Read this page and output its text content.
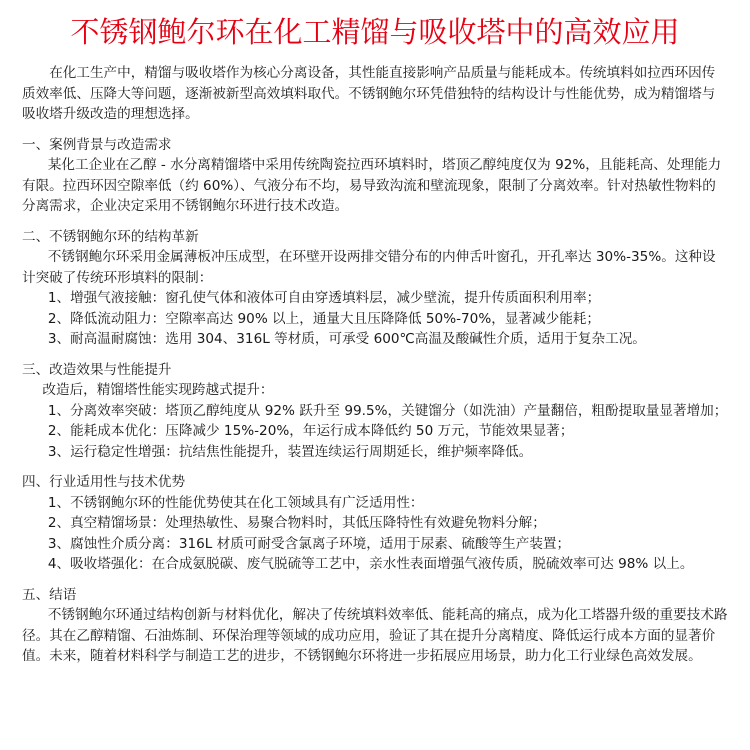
不锈钢鲍尔环在化工精馏与吸收塔中的高效应用

在化工生产中，精馏与吸收塔作为核心分离设备，其性能直接影响产品质量与能耗成本。传统填料如拉西环因传质效率低、压降大等问题，逐渐被新型高效填料取代。不锈钢鲍尔环凭借独特的结构设计与性能优势，成为精馏塔与吸收塔升级改造的理想选择。

一、案例背景与改造需求

某化工企业在乙醇 - 水分离精馏塔中采用传统陶瓷拉西环填料时，塔顶乙醇纯度仅为 92%，且能耗高、处理能力有限。拉西环因空隙率低（约 60%）、气液分布不均，易导致沟流和壁流现象，限制了分离效率。针对热敏性物料的分离需求，企业决定采用不锈钢鲍尔环进行技术改造。

二、不锈钢鲍尔环的结构革新

不锈钢鲍尔环采用金属薄板冲压成型，在环壁开设两排交错分布的内伸舌叶窗孔，开孔率达 30%-35%。这种设计突破了传统环形填料的限制：

1、增强气液接触：窗孔使气体和液体可自由穿透填料层，减少壁流，提升传质面积利用率；

2、降低流动阻力：空隙率高达 90% 以上，通量大且压降降低 50%-70%，显著减少能耗；

3、耐高温耐腐蚀：选用 304、316L 等材质，可承受 600℃高温及酸碱性介质，适用于复杂工况。

三、改造效果与性能提升

改造后，精馏塔性能实现跨越式提升：

1、分离效率突破：塔顶乙醇纯度从 92% 跃升至 99.5%，关键馏分（如洗油）产量翻倍，粗酚提取量显著增加；

2、能耗成本优化：压降减少 15%-20%，年运行成本降低约 50 万元，节能效果显著；

3、运行稳定性增强：抗结焦性能提升，装置连续运行周期延长，维护频率降低。

四、行业适用性与技术优势

1、不锈钢鲍尔环的性能优势使其在化工领域具有广泛适用性：

2、真空精馏场景：处理热敏性、易聚合物料时，其低压降特性有效避免物料分解；

3、腐蚀性介质分离：316L 材质可耐受含氯离子环境，适用于尿素、硫酸等生产装置；

4、吸收塔强化：在合成氨脱碳、废气脱硫等工艺中，亲水性表面增强气液传质，脱硫效率可达 98% 以上。

五、结语

不锈钢鲍尔环通过结构创新与材料优化，解决了传统填料效率低、能耗高的痛点，成为化工塔器升级的重要技术路径。其在乙醇精馏、石油炼制、环保治理等领域的成功应用，验证了其在提升分离精度、降低运行成本方面的显著价值。未来，随着材料科学与制造工艺的进步，不锈钢鲍尔环将进一步拓展应用场景，助力化工行业绿色高效发展。
